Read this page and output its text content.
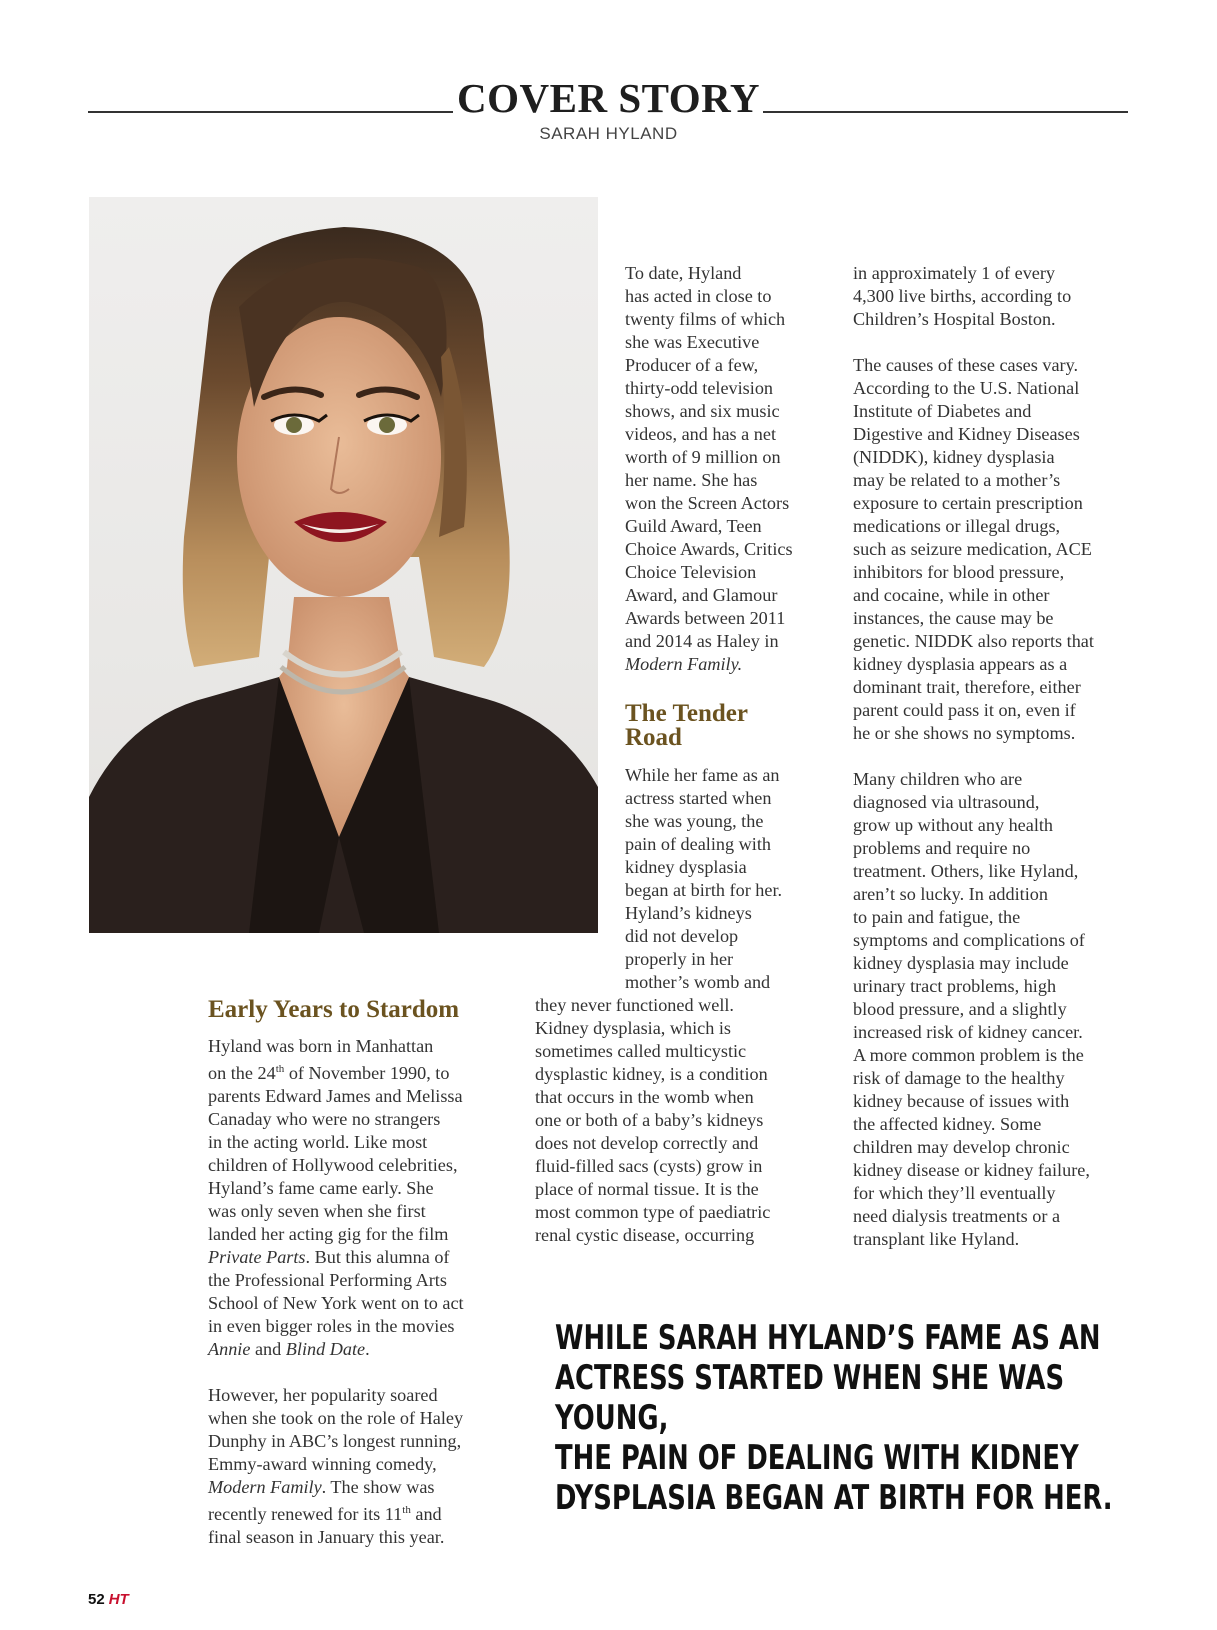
COVER STORY
SARAH HYLAND

To date, Hyland

has acted in close to

twenty films of which

she was Executive

Producer of a few,

thirty-odd television

shows, and six music

videos, and has a net

worth of 9 million on

her name. She has

won the Screen Actors

Guild Award, Teen

Choice Awards, Critics

Choice Television

Award, and Glamour

Awards between 2011

and 2014 as Haley in

Modern Family.

The Tender
Road

While her fame as an

actress started when

she was young, the

pain of dealing with

kidney dysplasia

began at birth for her.

Hyland’s kidneys

did not develop

properly in her

mother’s womb and

they never functioned well.

Kidney dysplasia, which is

sometimes called multicystic

dysplastic kidney, is a condition

that occurs in the womb when

one or both of a baby’s kidneys

does not develop correctly and

fluid-filled sacs (cysts) grow in

place of normal tissue. It is the

most common type of paediatric

renal cystic disease, occurring

in approximately 1 of every

4,300 live births, according to

Children’s Hospital Boston.

The causes of these cases vary.

According to the U.S. National

Institute of Diabetes and

Digestive and Kidney Diseases

(NIDDK), kidney dysplasia

may be related to a mother’s

exposure to certain prescription

medications or illegal drugs,

such as seizure medication, ACE

inhibitors for blood pressure,

and cocaine, while in other

instances, the cause may be

genetic. NIDDK also reports that

kidney dysplasia appears as a

dominant trait, therefore, either

parent could pass it on, even if

he or she shows no symptoms.

Many children who are

diagnosed via ultrasound,

grow up without any health

problems and require no

treatment. Others, like Hyland,

aren’t so lucky. In addition

to pain and fatigue, the

symptoms and complications of

kidney dysplasia may include

urinary tract problems, high

blood pressure, and a slightly

increased risk of kidney cancer.

A more common problem is the

risk of damage to the healthy

kidney because of issues with

the affected kidney. Some

children may develop chronic

kidney disease or kidney failure,

for which they’ll eventually

need dialysis treatments or a

transplant like Hyland.

Early Years to Stardom

Hyland was born in Manhattan

on the 24th of November 1990, to

parents Edward James and Melissa

Canaday who were no strangers

in the acting world. Like most

children of Hollywood celebrities,

Hyland’s fame came early. She

was only seven when she first

landed her acting gig for the film

Private Parts. But this alumna of

the Professional Performing Arts

School of New York went on to act

in even bigger roles in the movies

Annie and Blind Date.

However, her popularity soared

when she took on the role of Haley

Dunphy in ABC’s longest running,

Emmy-award winning comedy,

Modern Family. The show was

recently renewed for its 11th and

final season in January this year.

WHILE SARAH HYLAND’S FAME AS AN
ACTRESS STARTED WHEN SHE WAS YOUNG,
THE PAIN OF DEALING WITH KIDNEY
DYSPLASIA BEGAN AT BIRTH FOR HER.
52 HT
